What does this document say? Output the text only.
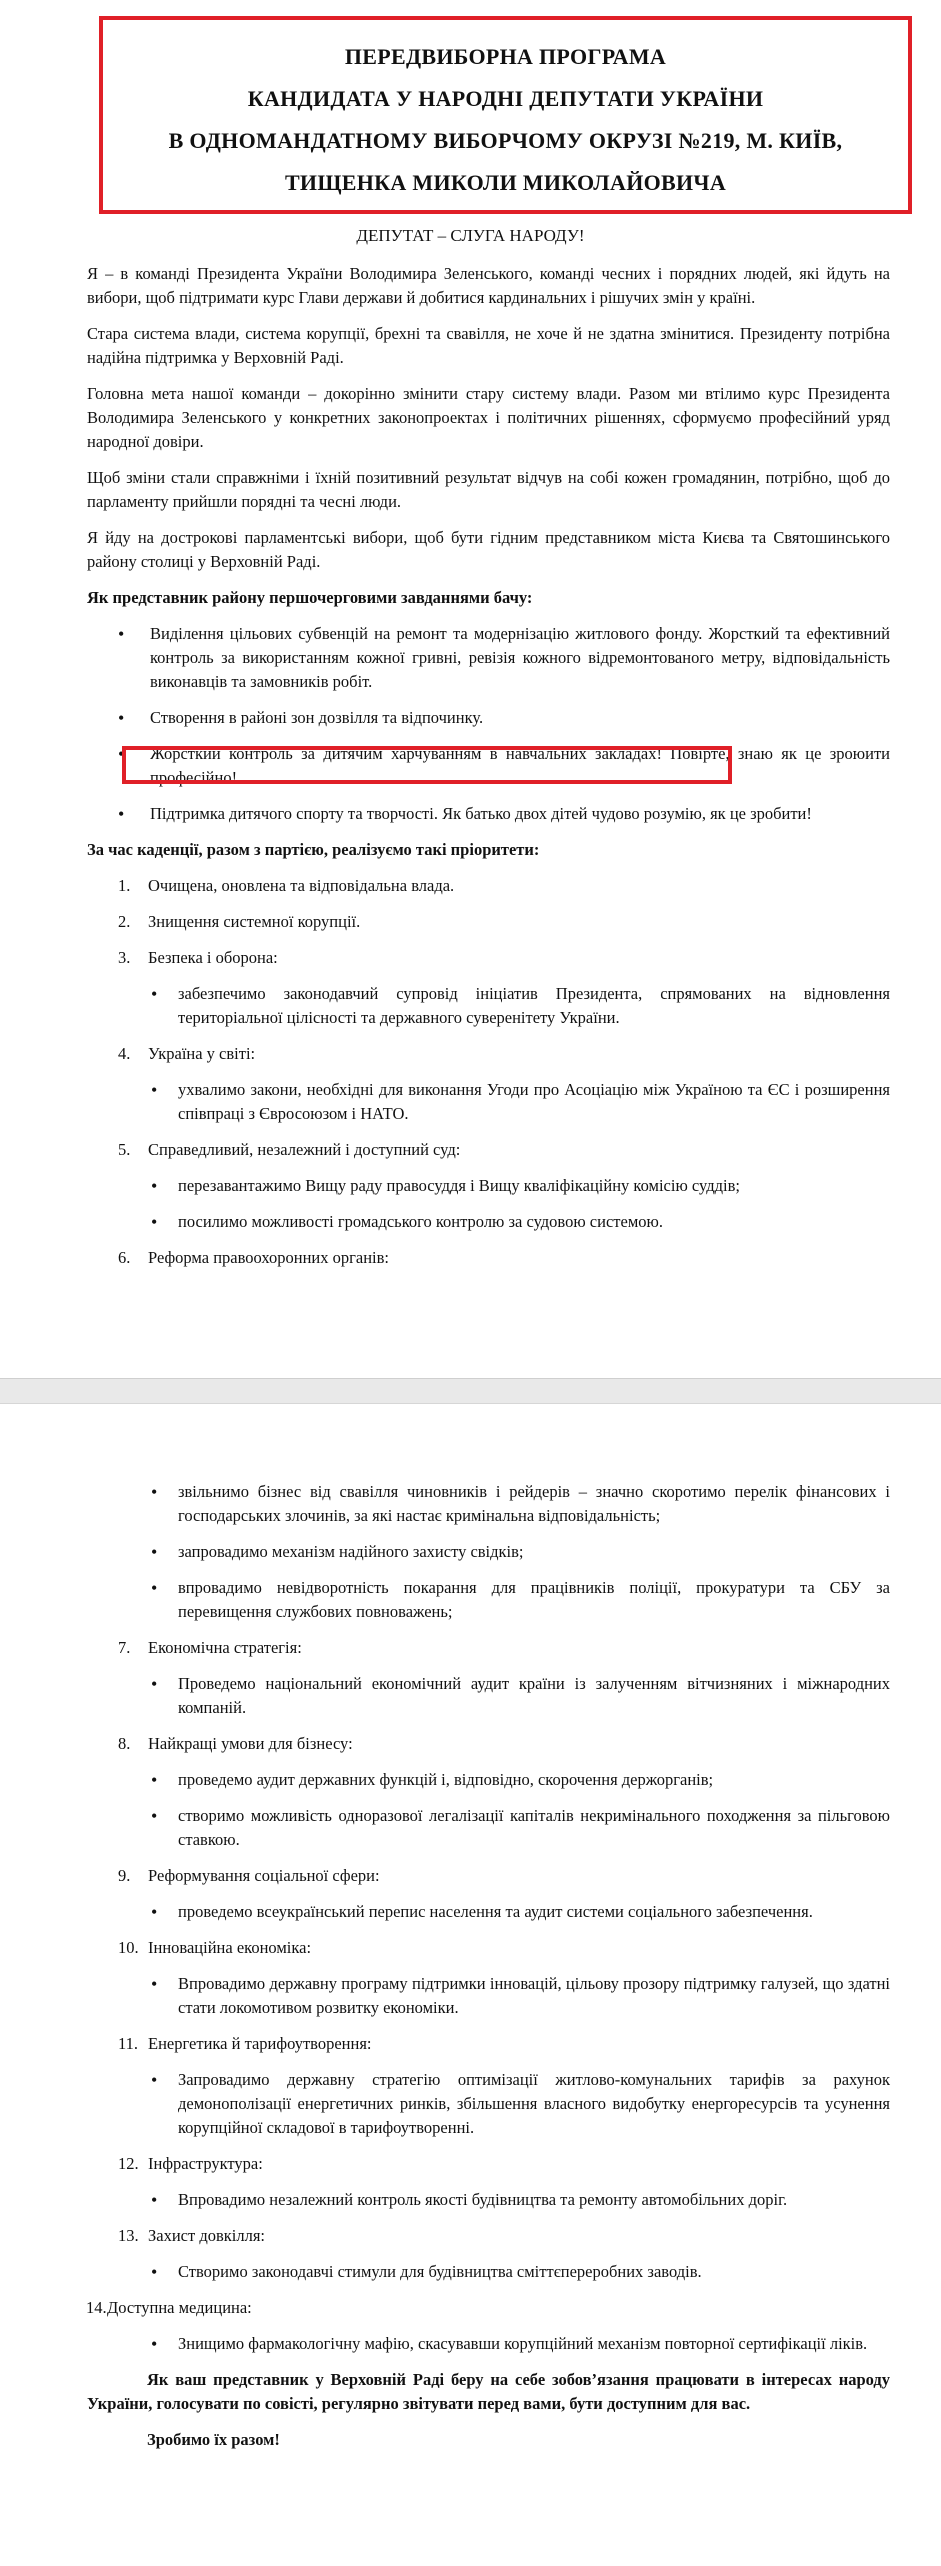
ПЕРЕДВИБОРНА ПРОГРАМА
КАНДИДАТА У НАРОДНІ ДЕПУТАТИ УКРАЇНИ
В ОДНОМАНДАТНОМУ ВИБОРЧОМУ ОКРУЗІ №219, М. КИЇВ,
ТИЩЕНКА МИКОЛИ МИКОЛАЙОВИЧА
ДЕПУТАТ – СЛУГА НАРОДУ!

Я – в команді Президента України Володимира Зеленського, команді чесних і порядних людей, які йдуть на вибори, щоб підтримати курс Глави держави й добитися кардинальних і рішучих змін у країні.

Стара система влади, система корупції, брехні та свавілля, не хоче й не здатна змінитися. Президенту потрібна надійна підтримка у Верховній Раді.

Головна мета нашої команди – докорінно змінити стару систему влади. Разом ми втілимо курс Президента Володимира Зеленського у конкретних законопроектах і політичних рішеннях, сформуємо професійний уряд народної довіри.

Щоб зміни стали справжніми і їхній позитивний результат відчув на собі кожен громадянин, потрібно, щоб до парламенту прийшли порядні та чесні люди.

Я йду на дострокові парламентські вибори, щоб бути гідним представником міста Києва та Святошинського району столиці у Верховній Раді.

Як представник району першочерговими завданнями бачу:

• Виділення цільових субвенцій на ремонт та модернізацію житлового фонду. Жорсткий та ефективний контроль за використанням кожної гривні, ревізія кожного відремонтованого метру, відповідальність виконавців та замовників робіт.
• Створення в районі зон дозвілля та відпочинку.
• Жорсткий контроль за дитячим харчуванням в навчальних закладах! Повірте, знаю як це зроюити професійно!
• Підтримка дитячого спорту та творчості. Як батько двох дітей чудово розумію, як це зробити!

За час каденції, разом з партією, реалізуємо такі пріоритети:

1. Очищена, оновлена та відповідальна влада.
2. Знищення системної корупції.
3. Безпека і оборона:
• забезпечимо законодавчий супровід ініціатив Президента, спрямованих на відновлення територіальної цілісності та державного суверенітету України.
4. Україна у світі:
• ухвалимо закони, необхідні для виконання Угоди про Асоціацію між Україною та ЄС і розширення співпраці з Євросоюзом і НАТО.
5. Справедливий, незалежний і доступний суд:
• перезавантажимо Вищу раду правосуддя і Вищу кваліфікаційну комісію суддів;
• посилимо можливості громадського контролю за судовою системою.
6. Реформа правоохоронних органів:
• звільнимо бізнес від свавілля чиновників і рейдерів – значно скоротимо перелік фінансових і господарських злочинів, за які настає кримінальна відповідальність;
• запровадимо механізм надійного захисту свідків;
• впровадимо невідворотність покарання для працівників поліції, прокуратури та СБУ за перевищення службових повноважень;
7. Економічна стратегія:
• Проведемо національний економічний аудит країни із залученням вітчизняних і міжнародних компаній.
8. Найкращі умови для бізнесу:
• проведемо аудит державних функцій і, відповідно, скорочення держорганів;
• створимо можливість одноразової легалізації капіталів некримінального походження за пільговою ставкою.
9. Реформування соціальної сфери:
• проведемо всеукраїнський перепис населення та аудит системи соціального забезпечення.
10. Інноваційна економіка:
• Впровадимо державну програму підтримки інновацій, цільову прозору підтримку галузей, що здатні стати локомотивом розвитку економіки.
11. Енергетика й тарифоутворення:
• Запровадимо державну стратегію оптимізації житлово-комунальних тарифів за рахунок демонополізації енергетичних ринків, збільшення власного видобутку енергоресурсів та усунення корупційної складової в тарифоутворенні.
12. Інфраструктура:
• Впровадимо незалежний контроль якості будівництва та ремонту автомобільних доріг.
13. Захист довкілля:
• Створимо законодавчі стимули для будівництва сміттєпереробних заводів.
14. Доступна медицина:
• Знищимо фармакологічну мафію, скасувавши корупційний механізм повторної сертифікації ліків.

Як ваш представник у Верховній Раді беру на себе зобов’язання працювати в інтересах народу України, голосувати по совісті, регулярно звітувати перед вами, бути доступним для вас.

Зробимо їх разом!
